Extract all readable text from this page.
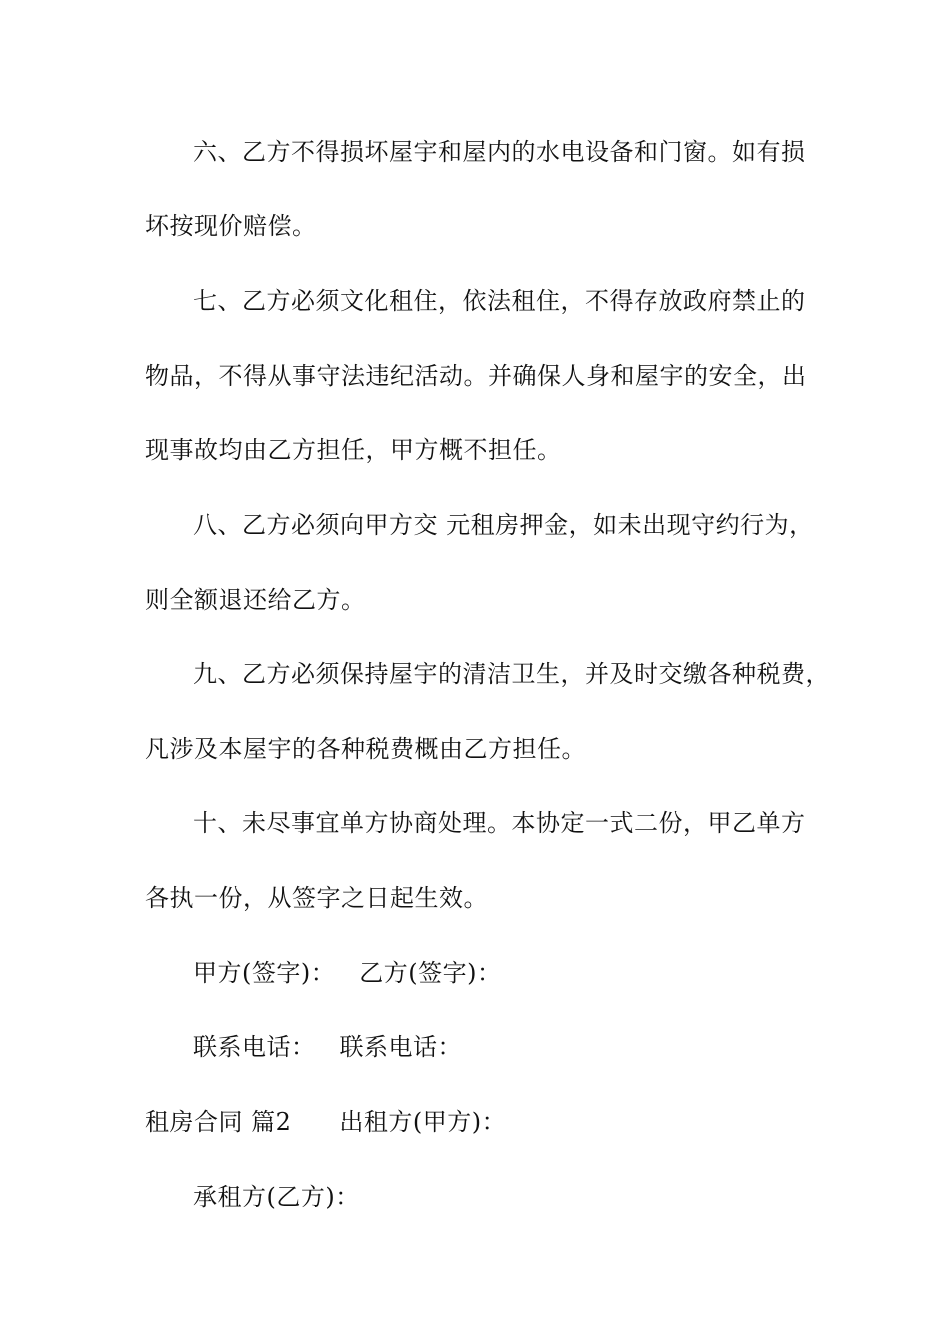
六、乙方不得损坏屋宇和屋内的水电设备和门窗。如有损
坏按现价赔偿。
七、乙方必须文化租住，依法租住，不得存放政府禁止的
物品，不得从事守法违纪活动。并确保人身和屋宇的安全，出
现事故均由乙方担任，甲方概不担任。
八、乙方必须向甲方交 元租房押金，如未出现守约行为，
则全额退还给乙方。
九、乙方必须保持屋宇的清洁卫生，并及时交缴各种税费，
凡涉及本屋宇的各种税费概由乙方担任。
十、未尽事宜单方协商处理。本协定一式二份，甲乙单方
各执一份，从签字之日起生效。
甲方(签字)： 乙方(签字)：
联系电话： 联系电话：
租房合同 篇2 出租方(甲方)：
承租方(乙方)：
